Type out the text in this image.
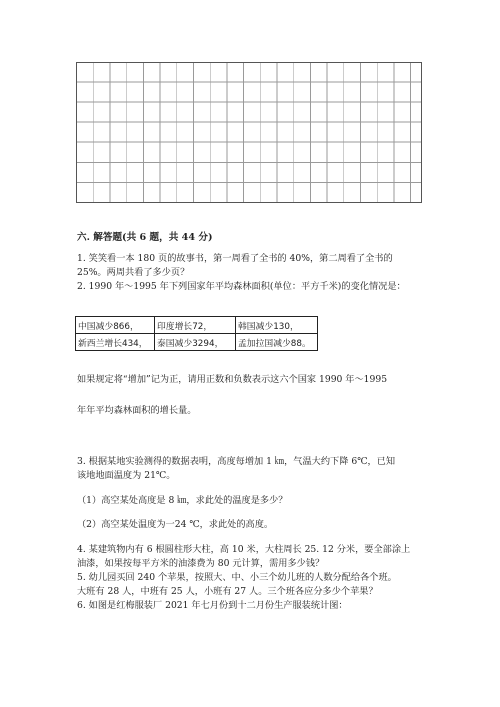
六. 解答题(共 6 题，共 44 分)
1. 笑笑看一本 180 页的故事书，第一周看了全书的 40%，第二周看了全书的
25%。两周共看了多少页？
2. 1990 年～1995 年下列国家年平均森林面积(单位：平方千米)的变化情况是：
中国减少866，	印度增长72，	韩国减少130，
新西兰增长434，	泰国减少3294，	孟加拉国减少88。
如果规定将“增加”记为正，请用正数和负数表示这六个国家 1990 年～1995
年年平均森林面积的增长量。
3. 根据某地实验测得的数据表明，高度每增加 1 ㎞，气温大约下降 6℃，已知
该地地面温度为 21℃。
（1）高空某处高度是 8 ㎞，求此处的温度是多少？
（2）高空某处温度为一24 ℃，求此处的高度。
4. 某建筑物内有 6 根圆柱形大柱，高 10 米，大柱周长 25. 12 分米，要全部涂上
油漆，如果按每平方米的油漆费为 80 元计算，需用多少钱？
5. 幼儿园买回 240 个苹果，按照大、中、小三个幼儿班的人数分配给各个班。
大班有 28 人，中班有 25 人，小班有 27 人。三个班各应分多少个苹果？
6. 如图是红梅服装厂 2021 年七月份到十二月份生产服装统计图：
